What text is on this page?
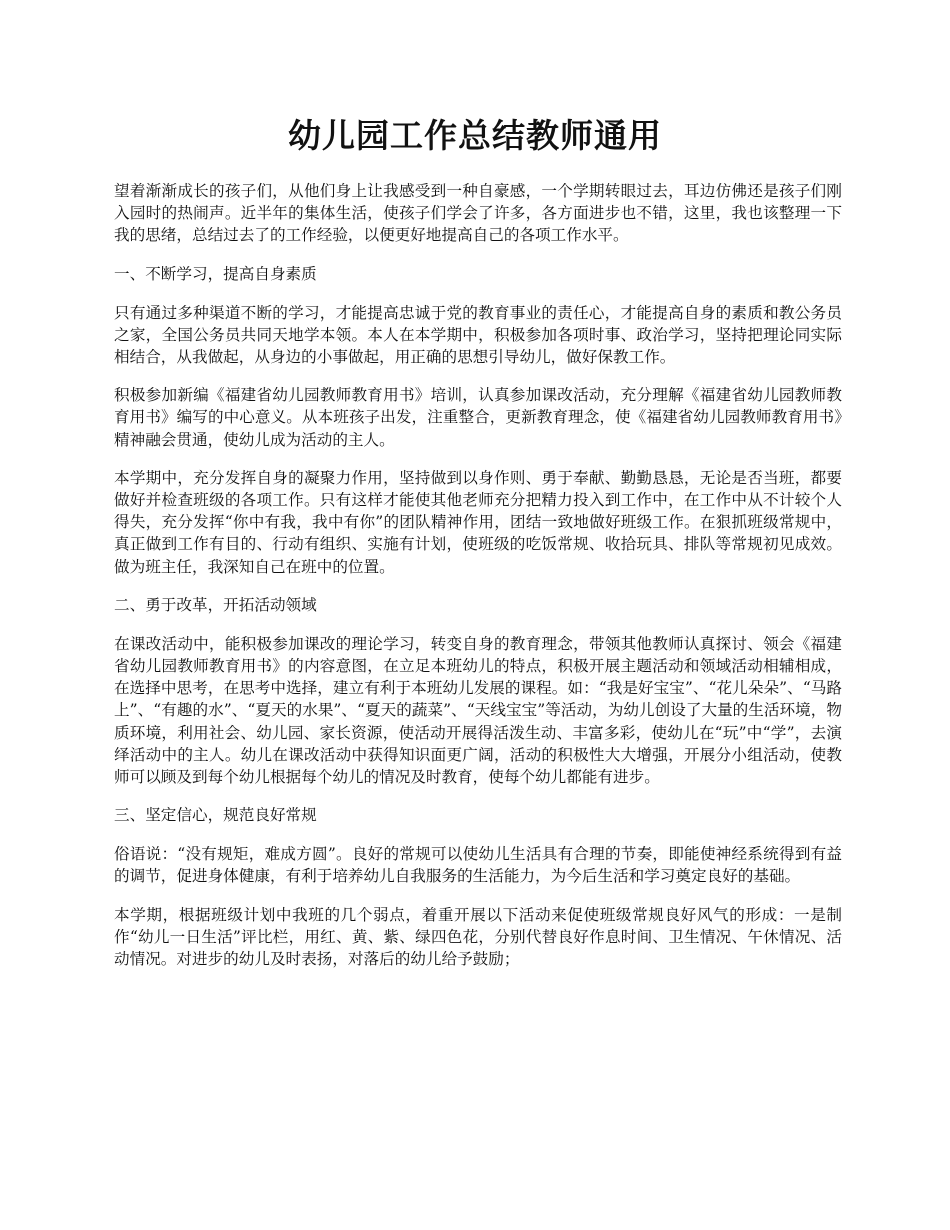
幼儿园工作总结教师通用

望着渐渐成长的孩子们，从他们身上让我感受到一种自豪感，一个学期转眼过去，耳边仿佛还是孩子们刚入园时的热闹声。近半年的集体生活，使孩子们学会了许多，各方面进步也不错，这里，我也该整理一下我的思绪，总结过去了的工作经验，以便更好地提高自己的各项工作水平。

一、不断学习，提高自身素质

只有通过多种渠道不断的学习，才能提高忠诚于党的教育事业的责任心，才能提高自身的素质和教公务员之家，全国公务员共同天地学本领。本人在本学期中，积极参加各项时事、政治学习，坚持把理论同实际相结合，从我做起，从身边的小事做起，用正确的思想引导幼儿，做好保教工作。

积极参加新编《福建省幼儿园教师教育用书》培训，认真参加课改活动，充分理解《福建省幼儿园教师教育用书》编写的中心意义。从本班孩子出发，注重整合，更新教育理念，使《福建省幼儿园教师教育用书》精神融会贯通，使幼儿成为活动的主人。

本学期中，充分发挥自身的凝聚力作用，坚持做到以身作则、勇于奉献、勤勤恳恳，无论是否当班，都要做好并检查班级的各项工作。只有这样才能使其他老师充分把精力投入到工作中，在工作中从不计较个人得失，充分发挥“你中有我，我中有你”的团队精神作用，团结一致地做好班级工作。在狠抓班级常规中，真正做到工作有目的、行动有组织、实施有计划，使班级的吃饭常规、收拾玩具、排队等常规初见成效。做为班主任，我深知自己在班中的位置。

二、勇于改革，开拓活动领域

在课改活动中，能积极参加课改的理论学习，转变自身的教育理念，带领其他教师认真探讨、领会《福建省幼儿园教师教育用书》的内容意图，在立足本班幼儿的特点，积极开展主题活动和领域活动相辅相成，在选择中思考，在思考中选择，建立有利于本班幼儿发展的课程。如：“我是好宝宝”、“花儿朵朵”、“马路上”、“有趣的水”、“夏天的水果”、“夏天的蔬菜”、“天线宝宝”等活动，为幼儿创设了大量的生活环境，物质环境，利用社会、幼儿园、家长资源，使活动开展得活泼生动、丰富多彩，使幼儿在“玩”中“学”，去演绎活动中的主人。幼儿在课改活动中获得知识面更广阔，活动的积极性大大增强，开展分小组活动，使教师可以顾及到每个幼儿根据每个幼儿的情况及时教育，使每个幼儿都能有进步。

三、坚定信心，规范良好常规

俗语说：“没有规矩，难成方圆”。良好的常规可以使幼儿生活具有合理的节奏，即能使神经系统得到有益的调节，促进身体健康，有利于培养幼儿自我服务的生活能力，为今后生活和学习奠定良好的基础。

本学期，根据班级计划中我班的几个弱点，着重开展以下活动来促使班级常规良好风气的形成：一是制作“幼儿一日生活”评比栏，用红、黄、紫、绿四色花，分别代替良好作息时间、卫生情况、午休情况、活动情况。对进步的幼儿及时表扬，对落后的幼儿给予鼓励；
